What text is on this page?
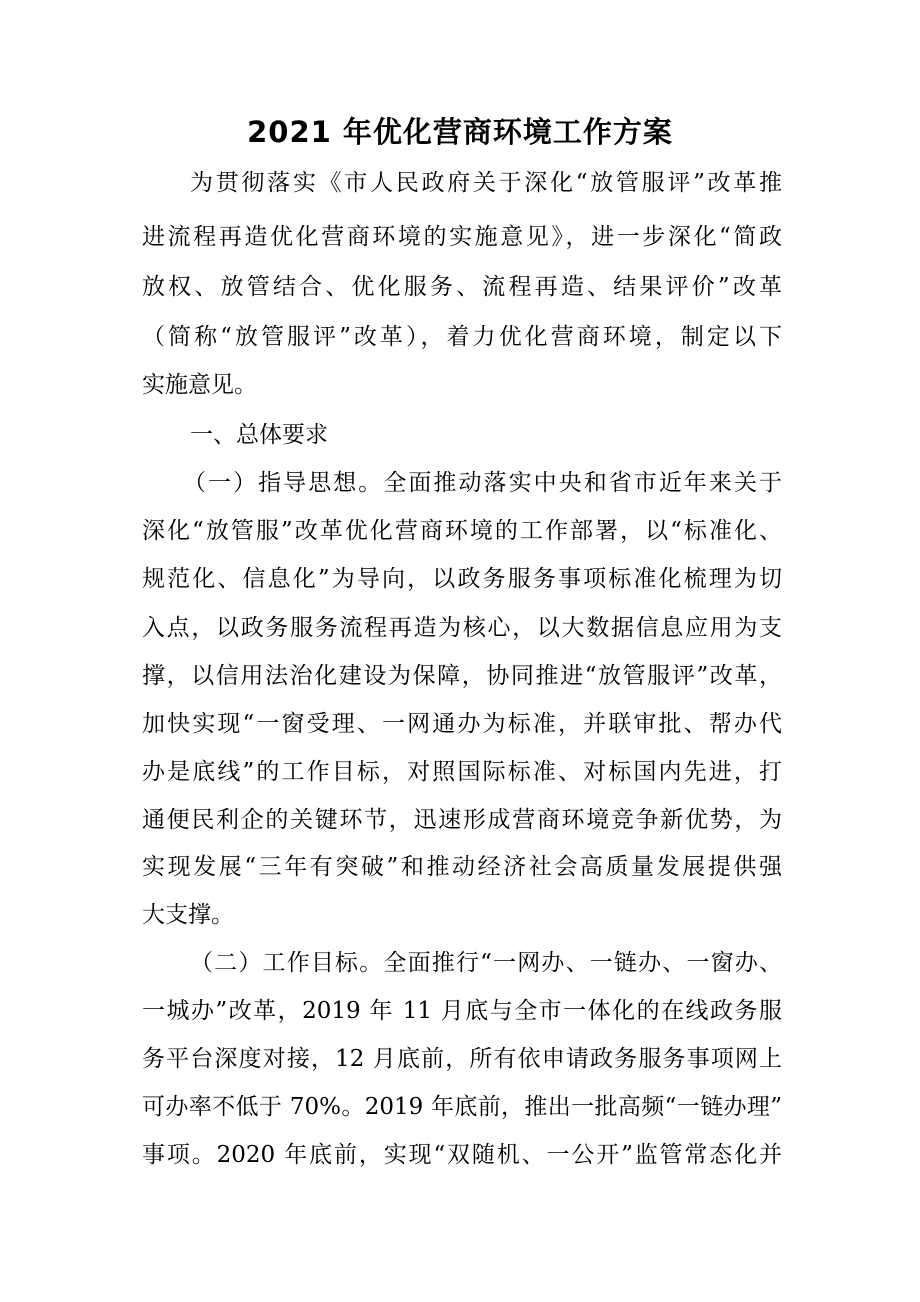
2021 年优化营商环境工作方案
为贯彻落实《市人民政府关于深化“放管服评”改革推
进流程再造优化营商环境的实施意见》，进一步深化“简政
放权、放管结合、优化服务、流程再造、结果评价”改革
（简称“放管服评”改革），着力优化营商环境，制定以下
实施意见。
一、总体要求
（一）指导思想。全面推动落实中央和省市近年来关于
深化“放管服”改革优化营商环境的工作部署，以“标准化、
规范化、信息化”为导向，以政务服务事项标准化梳理为切
入点，以政务服务流程再造为核心，以大数据信息应用为支
撑，以信用法治化建设为保障，协同推进“放管服评”改革，
加快实现“一窗受理、一网通办为标准，并联审批、帮办代
办是底线”的工作目标，对照国际标准、对标国内先进，打
通便民利企的关键环节，迅速形成营商环境竞争新优势，为
实现发展“三年有突破”和推动经济社会高质量发展提供强
大支撑。
（二）工作目标。全面推行“一网办、一链办、一窗办、
一城办”改革，2019 年 11 月底与全市一体化的在线政务服
务平台深度对接，12 月底前，所有依申请政务服务事项网上
可办率不低于 70%。2019 年底前，推出一批高频“一链办理”
事项。2020 年底前，实现“双随机、一公开”监管常态化并
